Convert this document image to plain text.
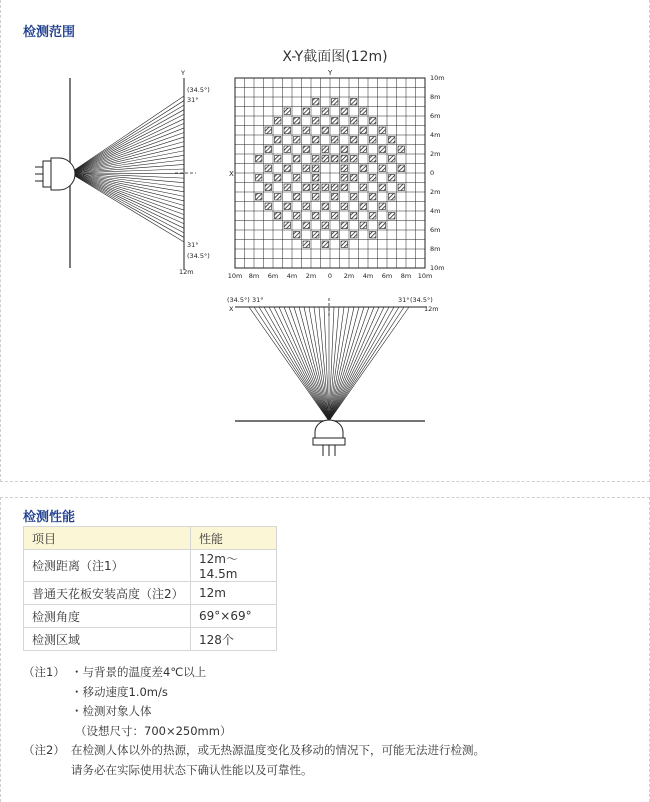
检测范围
Y
(34.5°)
31°
31°
(34.5°)
12m
X-Y截面图(12m)
10m
8m
6m
4m
2m
0
2m
4m
6m
8m
10m
10m 8m 6m 4m 2m 0 2m 4m 6m 8m 10m
X
Y
(34.5°) 31°	31° (34.5°)
X	12m
检测性能
项目	性能
检测距离（注1）	12m～14.5m
普通天花板安装高度（注2）	12m
检测角度	69°×69°
检测区域	128个
（注1） ・与背景的温度差4℃以上
・移动速度1.0m/s
・检测对象人体
（设想尺寸：700×250mm）
（注2） 在检测人体以外的热源，或无热源温度变化及移动的情况下，可能无法进行检测。
请务必在实际使用状态下确认性能以及可靠性。
